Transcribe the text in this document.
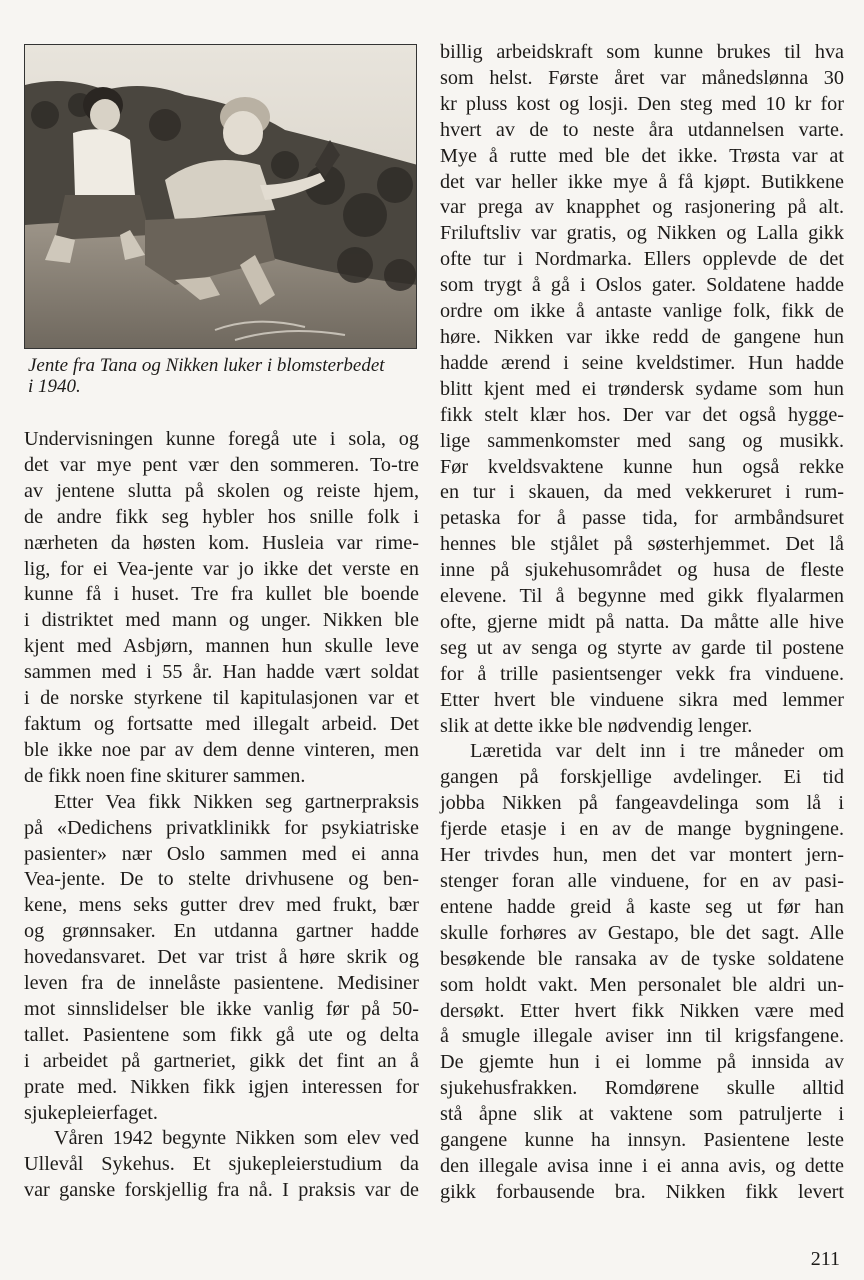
Jente fra Tana og Nikken luker i blomsterbedet
i 1940.
Undervisningen kunne foregå ute i sola, og
det var mye pent vær den sommeren. To-tre
av jentene slutta på skolen og reiste hjem,
de andre fikk seg hybler hos snille folk i
nærheten da høsten kom. Husleia var rime-
lig, for ei Vea-jente var jo ikke det verste en
kunne få i huset. Tre fra kullet ble boende
i distriktet med mann og unger. Nikken ble
kjent med Asbjørn, mannen hun skulle leve
sammen med i 55 år. Han hadde vært soldat
i de norske styrkene til kapitulasjonen var et
faktum og fortsatte med illegalt arbeid. Det
ble ikke noe par av dem denne vinteren, men
de fikk noen fine skiturer sammen.
Etter Vea fikk Nikken seg gartnerpraksis
på «Dedichens privatklinikk for psykiatriske
pasienter» nær Oslo sammen med ei anna
Vea-jente. De to stelte drivhusene og ben-
kene, mens seks gutter drev med frukt, bær
og grønnsaker. En utdanna gartner hadde
hovedansvaret. Det var trist å høre skrik og
leven fra de innelåste pasientene. Medisiner
mot sinnslidelser ble ikke vanlig før på 50-
tallet. Pasientene som fikk gå ute og delta
i arbeidet på gartneriet, gikk det fint an å
prate med. Nikken fikk igjen interessen for
sjukepleierfaget.
Våren 1942 begynte Nikken som elev ved
Ullevål Sykehus. Et sjukepleierstudium da
var ganske forskjellig fra nå. I praksis var de
billig arbeidskraft som kunne brukes til hva
som helst. Første året var månedslønna 30
kr pluss kost og losji. Den steg med 10 kr for
hvert av de to neste åra utdannelsen varte.
Mye å rutte med ble det ikke. Trøsta var at
det var heller ikke mye å få kjøpt. Butikkene
var prega av knapphet og rasjonering på alt.
Friluftsliv var gratis, og Nikken og Lalla gikk
ofte tur i Nordmarka. Ellers opplevde de det
som trygt å gå i Oslos gater. Soldatene hadde
ordre om ikke å antaste vanlige folk, fikk de
høre. Nikken var ikke redd de gangene hun
hadde ærend i seine kveldstimer. Hun hadde
blitt kjent med ei trøndersk sydame som hun
fikk stelt klær hos. Der var det også hygge-
lige sammenkomster med sang og musikk.
Før kveldsvaktene kunne hun også rekke
en tur i skauen, da med vekkeruret i rum-
petaska for å passe tida, for armbåndsuret
hennes ble stjålet på søsterhjemmet. Det lå
inne på sjukehusområdet og husa de fleste
elevene. Til å begynne med gikk flyalarmen
ofte, gjerne midt på natta. Da måtte alle hive
seg ut av senga og styrte av garde til postene
for å trille pasientsenger vekk fra vinduene.
Etter hvert ble vinduene sikra med lemmer
slik at dette ikke ble nødvendig lenger.
Læretida var delt inn i tre måneder om
gangen på forskjellige avdelinger. Ei tid
jobba Nikken på fangeavdelinga som lå i
fjerde etasje i en av de mange bygningene.
Her trivdes hun, men det var montert jern-
stenger foran alle vinduene, for en av pasi-
entene hadde greid å kaste seg ut før han
skulle forhøres av Gestapo, ble det sagt. Alle
besøkende ble ransaka av de tyske soldatene
som holdt vakt. Men personalet ble aldri un-
dersøkt. Etter hvert fikk Nikken være med
å smugle illegale aviser inn til krigsfangene.
De gjemte hun i ei lomme på innsida av
sjukehusfrakken. Romdørene skulle alltid
stå åpne slik at vaktene som patruljerte i
gangene kunne ha innsyn. Pasientene leste
den illegale avisa inne i ei anna avis, og dette
gikk forbausende bra. Nikken fikk levert
211
